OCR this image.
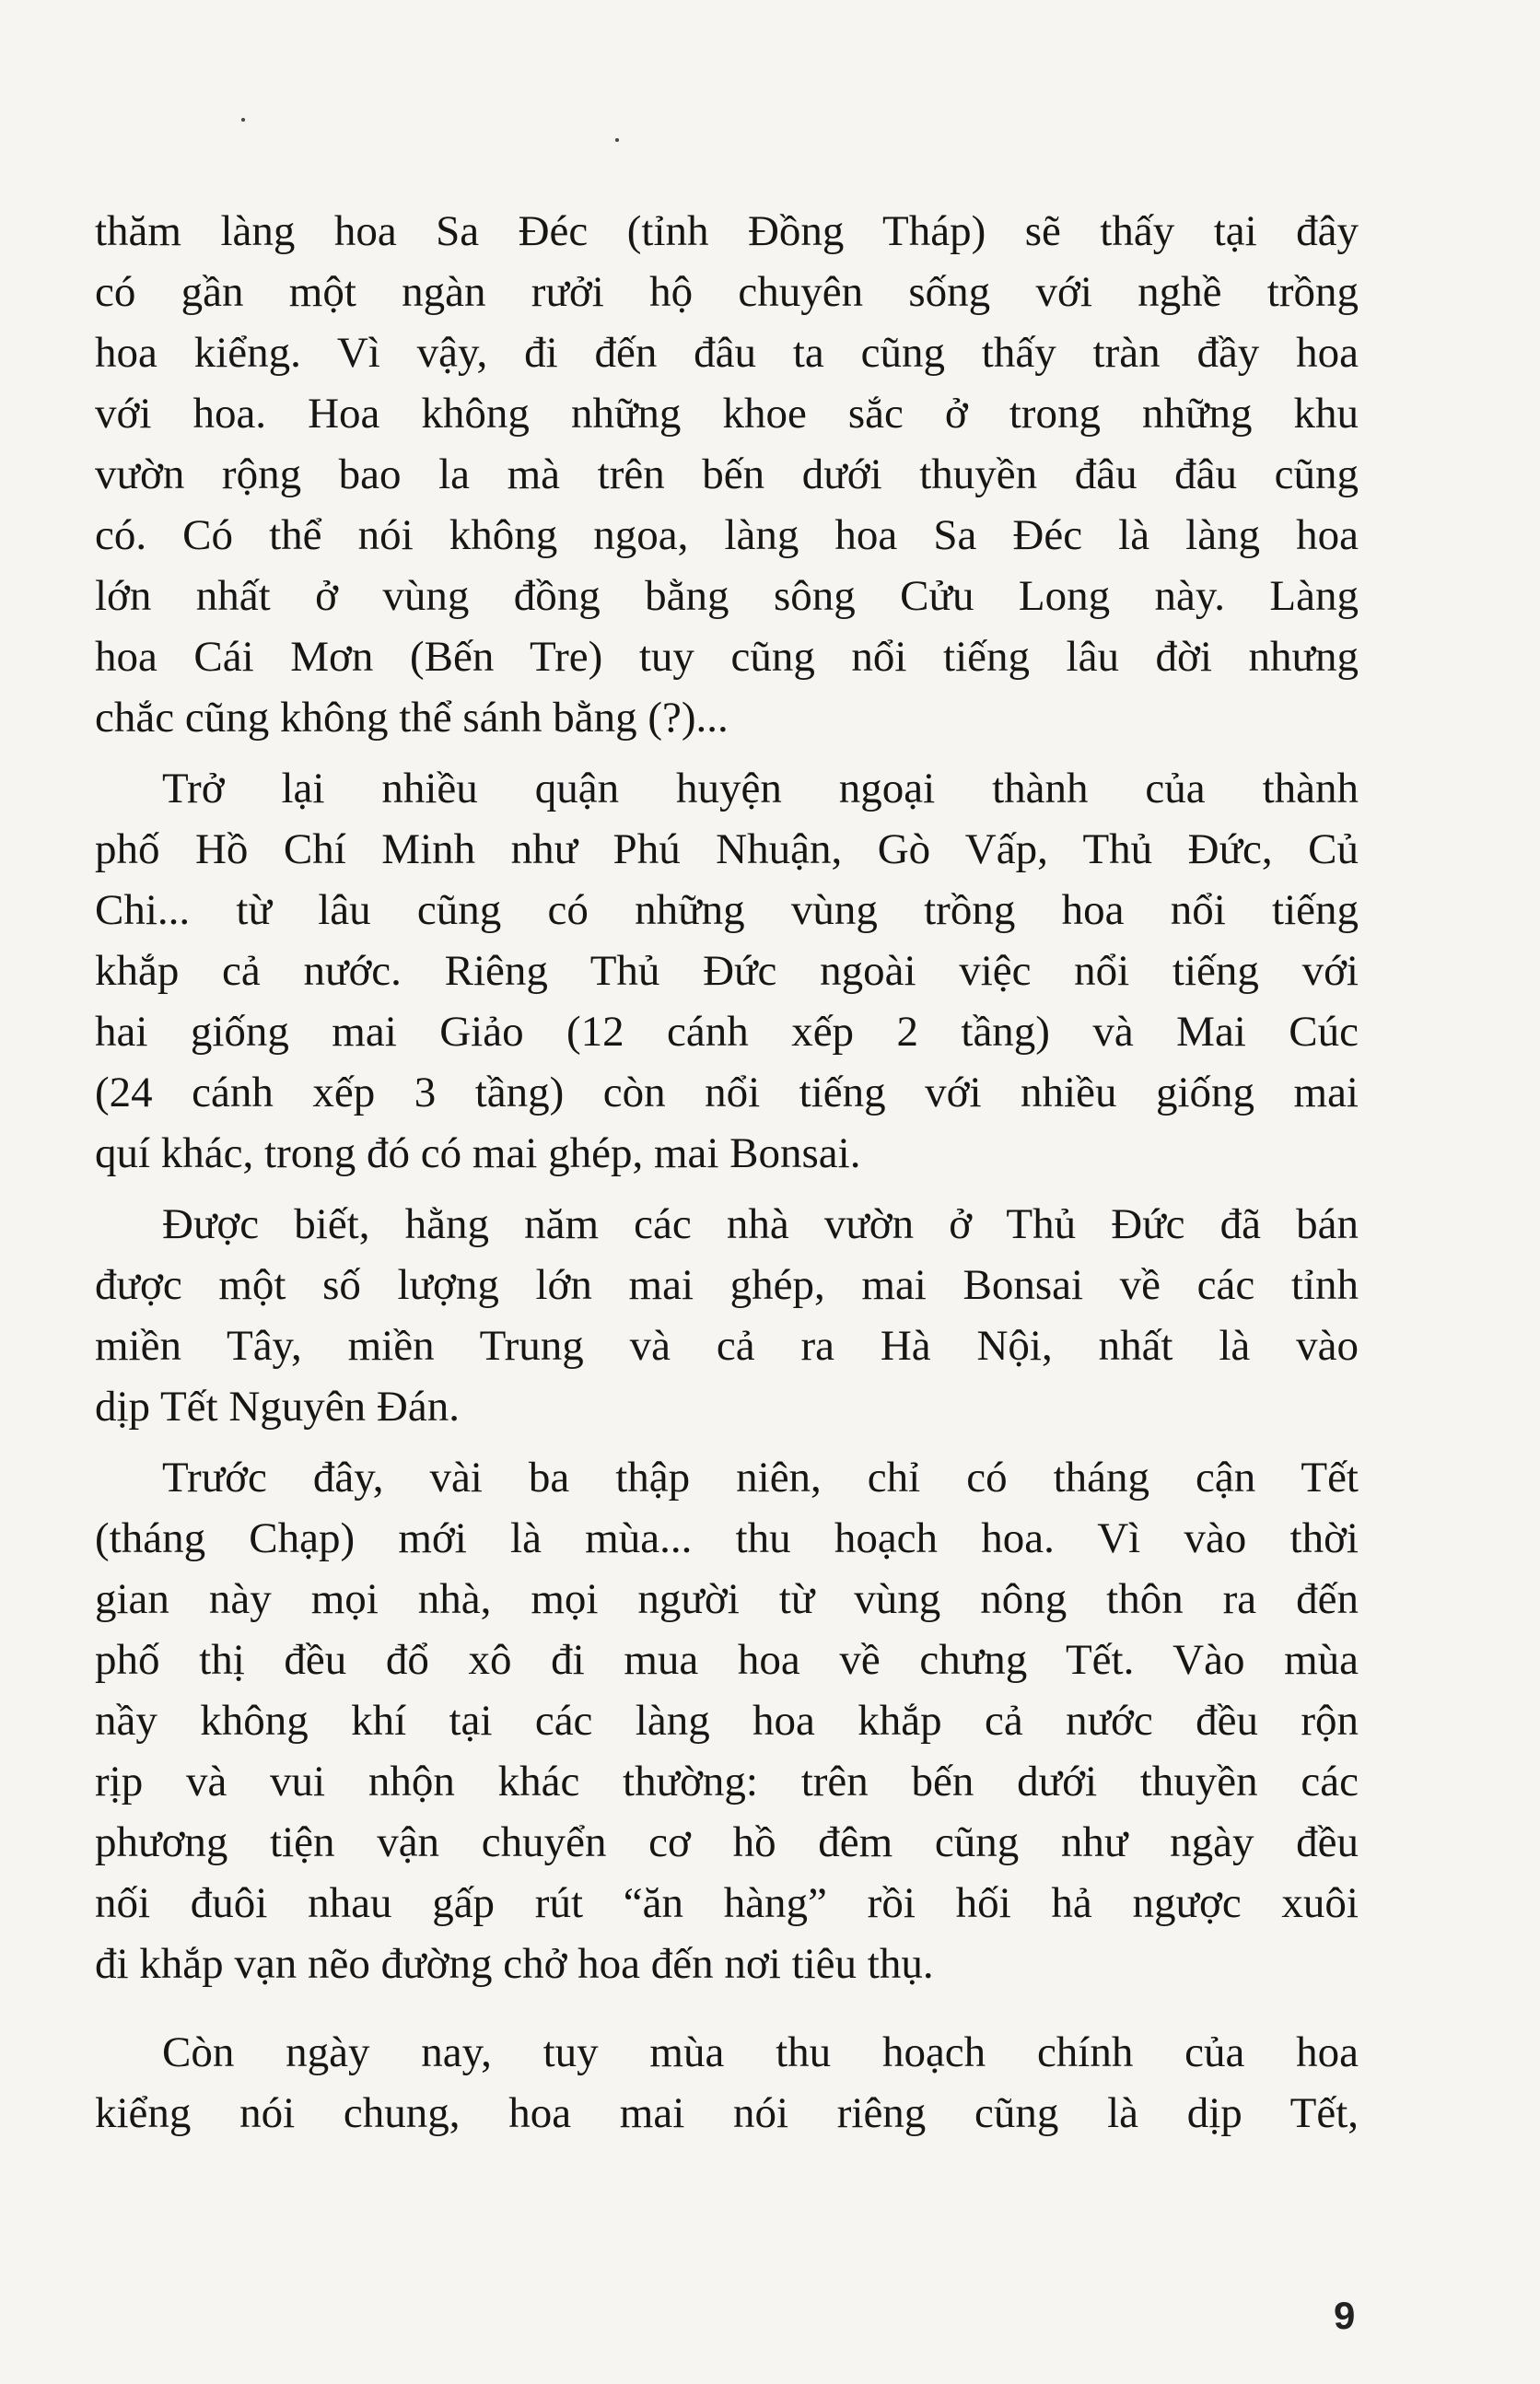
thăm làng hoa Sa Đéc (tỉnh Đồng Tháp) sẽ thấy tại đây
có gần một ngàn rưởi hộ chuyên sống với nghề trồng
hoa kiểng. Vì vậy, đi đến đâu ta cũng thấy tràn đầy hoa
với hoa. Hoa không những khoe sắc ở trong những khu
vườn rộng bao la mà trên bến dưới thuyền đâu đâu cũng
có. Có thể nói không ngoa, làng hoa Sa Đéc là làng hoa
lớn nhất ở vùng đồng bằng sông Cửu Long này. Làng
hoa Cái Mơn (Bến Tre) tuy cũng nổi tiếng lâu đời nhưng
chắc cũng không thể sánh bằng (?)...
Trở lại nhiều quận huyện ngoại thành của thành
phố Hồ Chí Minh như Phú Nhuận, Gò Vấp, Thủ Đức, Củ
Chi... từ lâu cũng có những vùng trồng hoa nổi tiếng
khắp cả nước. Riêng Thủ Đức ngoài việc nổi tiếng với
hai giống mai Giảo (12 cánh xếp 2 tầng) và Mai Cúc
(24 cánh xếp 3 tầng) còn nổi tiếng với nhiều giống mai
quí khác, trong đó có mai ghép, mai Bonsai.
Được biết, hằng năm các nhà vườn ở Thủ Đức đã bán
được một số lượng lớn mai ghép, mai Bonsai về các tỉnh
miền Tây, miền Trung và cả ra Hà Nội, nhất là vào
dịp Tết Nguyên Đán.
Trước đây, vài ba thập niên, chỉ có tháng cận Tết
(tháng Chạp) mới là mùa... thu hoạch hoa. Vì vào thời
gian này mọi nhà, mọi người từ vùng nông thôn ra đến
phố thị đều đổ xô đi mua hoa về chưng Tết. Vào mùa
nầy không khí tại các làng hoa khắp cả nước đều rộn
rịp và vui nhộn khác thường: trên bến dưới thuyền các
phương tiện vận chuyển cơ hồ đêm cũng như ngày đều
nối đuôi nhau gấp rút “ăn hàng” rồi hối hả ngược xuôi
đi khắp vạn nẽo đường chở hoa đến nơi tiêu thụ.
Còn ngày nay, tuy mùa thu hoạch chính của hoa
kiểng nói chung, hoa mai nói riêng cũng là dịp Tết,
9
